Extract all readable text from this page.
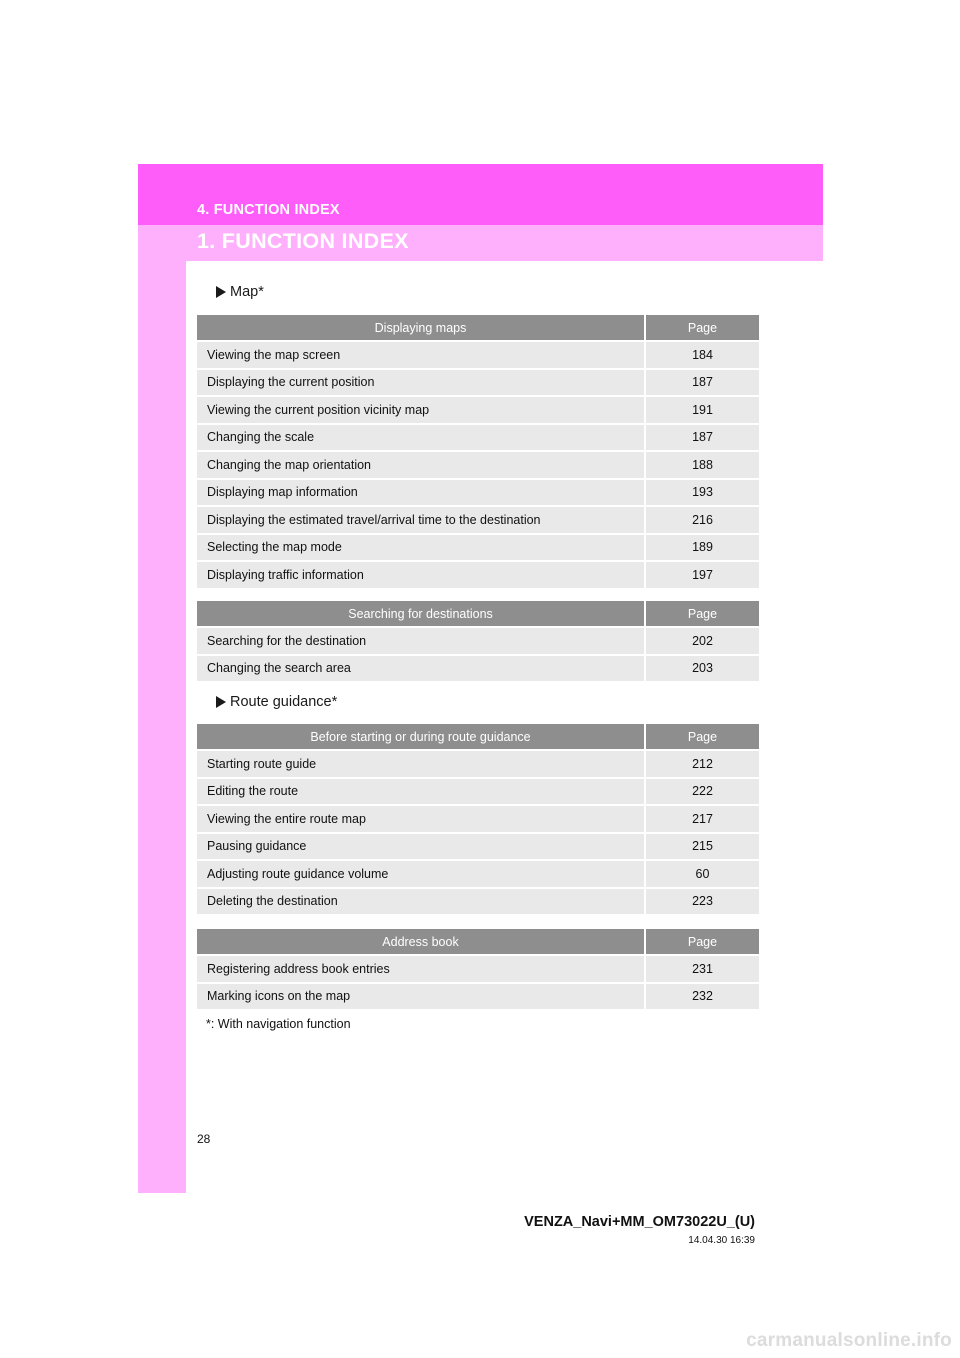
4. FUNCTION INDEX
1. FUNCTION INDEX
Map*
Displaying maps	Page
Viewing the map screen	184
Displaying the current position	187
Viewing the current position vicinity map	191
Changing the scale	187
Changing the map orientation	188
Displaying map information	193
Displaying the estimated travel/arrival time to the destination	216
Selecting the map mode	189
Displaying traffic information	197
Searching for destinations	Page
Searching for the destination	202
Changing the search area	203
Route guidance*
Before starting or during route guidance	Page
Starting route guide	212
Editing the route	222
Viewing the entire route map	217
Pausing guidance	215
Adjusting route guidance volume	60
Deleting the destination	223
Address book	Page
Registering address book entries	231
Marking icons on the map	232
*: With navigation function
28
VENZA_Navi+MM_OM73022U_(U)
14.04.30 16:39
carmanualsonline.info
